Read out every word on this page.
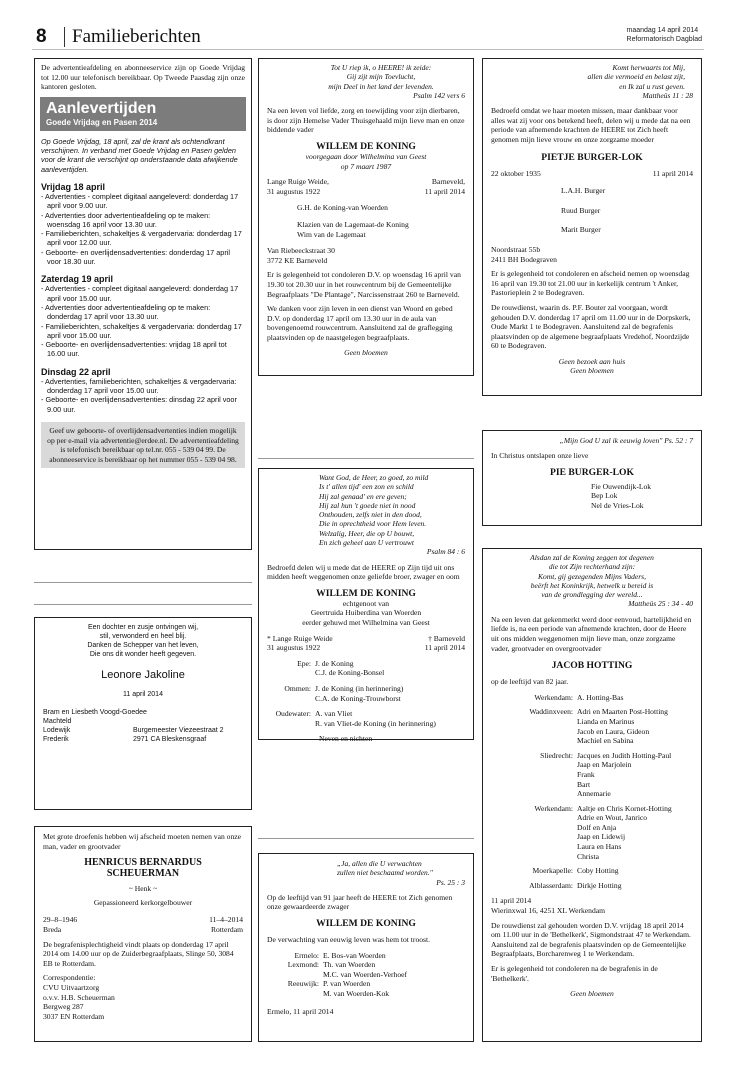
8	Familieberichten	maandag 14 april 2014
Reformatorisch Dagblad
De advertentieafdeling en abonneeservice zijn op Goede Vrijdag tot 12.00 uur telefonisch bereikbaar. Op Tweede Paasdag zijn onze kantoren gesloten.
Aanlevertijden
Goede Vrijdag en Pasen 2014
Op Goede Vrijdag, 18 april, zal de krant als ochtendkrant verschijnen. In verband met Goede Vrijdag en Pasen gelden voor de krant die verschijnt op onderstaande data afwijkende aanlevertijden.
Vrijdag 18 april
- Advertenties - compleet digitaal aangeleverd: donderdag 17 april voor 9.00 uur.
- Advertenties door advertentieafdeling op te maken: woensdag 16 april voor 13.30 uur.
- Familieberichten, schakeltjes & vergadervaria: donderdag 17 april voor 12.00 uur.
- Geboorte- en overlijdensadvertenties: donderdag 17 april voor 18.30 uur.
Zaterdag 19 april
- Advertenties - compleet digitaal aangeleverd: donderdag 17 april voor 15.00 uur.
- Advertenties door advertentieafdeling op te maken: donderdag 17 april voor 13.30 uur.
- Familieberichten, schakeltjes & vergadervaria: donderdag 17 april voor 15.00 uur.
- Geboorte- en overlijdensadvertenties: vrijdag 18 april tot 16.00 uur.
Dinsdag 22 april
- Advertenties, familieberichten, schakeltjes & vergadervaria: donderdag 17 april voor 15.00 uur.
- Geboorte- en overlijdensadvertenties: dinsdag 22 april voor 9.00 uur.
Geef uw geboorte- of overlijdensadvertenties indien mogelijk op per e-mail via advertentie@erdee.nl. De advertentieafdeling is telefonisch bereikbaar op tel.nr. 055 - 539 04 99. De abonneeservice is bereikbaar op het nummer 055 - 539 04 98.
Een dochter en zusje ontvingen wij,
stil, verwonderd en heel blij.
Danken de Schepper van het leven,
Die ons dit wonder heeft gegeven.
Leonore Jakoline
11 april 2014
Bram en Liesbeth Voogd-Goedee
Machteld
Lodewijk	Burgemeester Viezeestraat 2
Frederik	2971 CA Bleskensgraaf
Met grote droefenis hebben wij afscheid moeten nemen van onze man, vader en grootvader
HENRICUS BERNARDUS
SCHEUERMAN
~ Henk ~
Gepassioneerd kerkorgelbouwer
29–8–1946	11–4–2014
Breda	Rotterdam
De begrafenisplechtigheid vindt plaats op donderdag 17 april 2014 om 14.00 uur op de Zuiderbegraafplaats, Slinge 50, 3084 EB te Rotterdam.
Correspondentie:
CVU Uitvaartzorg
o.v.v. H.B. Scheuerman
Bergweg 287
3037 EN Rotterdam
Tot U riep ik, o HEERE! ik zeide:
Gij zijt mijn Toevlucht,
mijn Deel in het land der levenden.
Psalm 142 vers 6
Na een leven vol liefde, zorg en toewijding voor zijn dierbaren, is door zijn Hemelse Vader Thuisgehaald mijn lieve man en onze biddende vader
WILLEM DE KONING
voorgegaan door Wilhelmina van Geest
op 7 maart 1987
Lange Ruige Weide,	Barneveld,
31 augustus 1922	11 april 2014
G.H. de Koning-van Woerden
Klazien van de Lagemaat-de Koning
Wim van de Lagemaat
Van Riebeeckstraat 30
3772 KE Barneveld
Er is gelegenheid tot condoleren D.V. op woensdag 16 april van 19.30 tot 20.30 uur in het rouwcentrum bij de Gemeentelijke Begraafplaats "De Plantage", Narcissenstraat 260 te Barneveld.
We danken voor zijn leven in een dienst van Woord en gebed D.V. op donderdag 17 april om 13.30 uur in de aula van bovengenoemd rouwcentrum. Aansluitend zal de graflegging plaatsvinden op de naastgelegen begraafplaats.
Geen bloemen
Want God, de Heer, zo goed, zo mild
Is t' allen tijd' een zon en schild
Hij zal genaad' en ere geven;
Hij zal hun 't goede niet in nood
Onthouden, zelfs niet in den dood,
Die in oprechtheid voor Hem leven.
Welzalig, Heer, die op U bouwt,
En zich geheel aan U vertrouwt
Psalm 84 : 6
Bedroefd delen wij u mede dat de HEERE op Zijn tijd uit ons midden heeft weggenomen onze geliefde broer, zwager en oom
WILLEM DE KONING
echtgenoot van
Geertruida Huiberdina van Woerden
eerder gehuwd met Wilhelmina van Geest
* Lange Ruige Weide	† Barneveld
31 augustus 1922	11 april 2014
Epe: J. de Koning
C.J. de Koning-Bonsel
Ommen: J. de Koning (in herinnering)
C.A. de Koning-Trouwborst
Oudewater: A. van Vliet
R. van Vliet-de Koning (in herinnering)
Neven en nichten
„Ja, allen die U verwachten
zullen niet beschaamd worden."
Ps. 25 : 3
Op de leeftijd van 91 jaar heeft de HEERE tot Zich genomen onze gewaardeerde zwager
WILLEM DE KONING
De verwachting van eeuwig leven was hem tot troost.
Ermelo: E. Bos-van Woerden
Lexmond: Th. van Woerden
M.C. van Woerden-Verhoef
Reeuwijk: P. van Woerden
M. van Woerden-Kok
Ermelo, 11 april 2014
Komt herwaarts tot Mij,
allen die vermoeid en belast zijt,
en Ik zal u rust geven.
Mattheüs 11 : 28
Bedroefd omdat we haar moeten missen, maar dankbaar voor alles wat zij voor ons betekend heeft, delen wij u mede dat na een periode van afnemende krachten de HEERE tot Zich heeft genomen mijn lieve vrouw en onze zorgzame moeder
PIETJE BURGER-LOK
22 oktober 1935	11 april 2014
L.A.H. Burger
Ruud Burger
Marit Burger
Noordstraat 55b
2411 BH Bodegraven
Er is gelegenheid tot condoleren en afscheid nemen op woensdag 16 april van 19.30 tot 21.00 uur in kerkelijk centrum 't Anker, Pastorieplein 2 te Bodegraven.
De rouwdienst, waarin ds. P.F. Bouter zal voorgaan, wordt gehouden D.V. donderdag 17 april om 11.00 uur in de Dorpskerk, Oude Markt 1 te Bodegraven. Aansluitend zal de begrafenis plaatsvinden op de algemene begraafplaats Vredehof, Noordzijde 60 te Bodegraven.
Geen bezoek aan huis
Geen bloemen
„Mijn God U zal ik eeuwig loven" Ps. 52 : 7
In Christus ontslapen onze lieve
PIE BURGER-LOK
Fie Ouwendijk-Lok
Bep Lok
Nel de Vries-Lok
Alsdan zal de Koning zeggen tot degenen
die tot Zijn rechterhand zijn:
Komt, gij gezegenden Mijns Vaders,
beërft het Koninkrijk, hetwelk u bereid is
van de grondlegging der wereld...
Mattheüs 25 : 34 - 40
Na een leven dat gekenmerkt werd door eenvoud, hartelijkheid en liefde is, na een periode van afnemende krachten, door de Heere uit ons midden weggenomen mijn lieve man, onze zorgzame vader, grootvader en overgrootvader
JACOB HOTTING
op de leeftijd van 82 jaar.
Werkendam: A. Hotting-Bas
Waddinxveen: Adri en Maarten Post-Hotting
Lianda en Marinus
Jacob en Laura, Gideon
Machiel en Sabina
Sliedrecht: Jacques en Judith Hotting-Paul
Jaap en Marjolein
Frank
Bart
Annemarie
Werkendam: Aaltje en Chris Kornet-Hotting
Adrie en Wout, Janrico
Dolf en Anja
Jaap en Lidewij
Laura en Hans
Christa
Moerkapelle: Coby Hotting
Alblasserdam: Dirkje Hotting
11 april 2014
Wierinxwal 16, 4251 XL Werkendam
De rouwdienst zal gehouden worden D.V. vrijdag 18 april 2014 om 11.00 uur in de 'Bethelkerk', Sigmondstraat 47 te Werkendam. Aansluitend zal de begrafenis plaatsvinden op de Gemeentelijke Begraafplaats, Borcharenweg 1 te Werkendam.
Er is gelegenheid tot condoleren na de begrafenis in de 'Bethelkerk'.
Geen bloemen
